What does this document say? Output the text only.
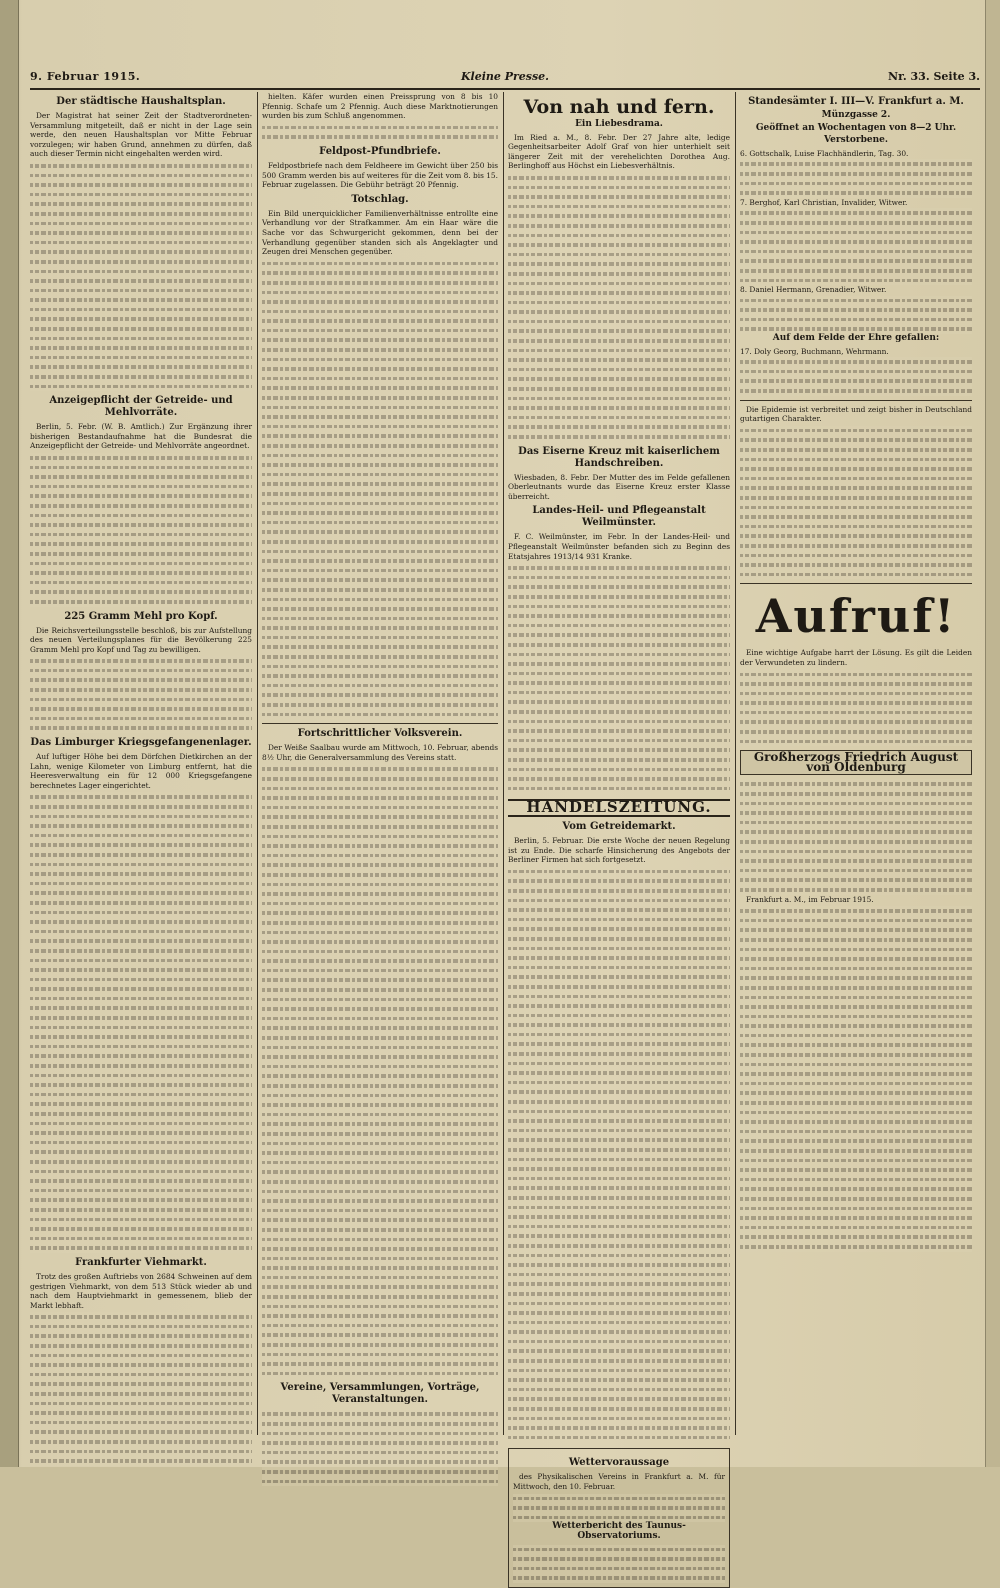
9. Februar 1915.	Kleine Presse.	Nr. 33. Seite 3.
Der städtische Haushaltsplan.

Der Magistrat hat seiner Zeit der Stadtverordneten-Versammlung mitgeteilt, daß er nicht in der Lage sein werde, den neuen Haushaltsplan vor Mitte Februar vorzulegen; wir haben Grund, annehmen zu dürfen, daß auch dieser Termin nicht eingehalten werden wird.

Anzeigepflicht der Getreide- und Mehlvorräte.

Berlin, 5. Febr. (W. B. Amtlich.) Zur Ergänzung ihrer bisherigen Bestandaufnahme hat die Bundesrat die Anzeigepflicht der Getreide- und Mehlvorräte angeordnet.

225 Gramm Mehl pro Kopf.

Die Reichsverteilungsstelle beschloß, bis zur Aufstellung des neuen Verteilungsplanes für die Bevölkerung 225 Gramm Mehl pro Kopf und Tag zu bewilligen.

Das Limburger Kriegsgefangenenlager.

Auf luftiger Höhe bei dem Dörfchen Dietkirchen an der Lahn, wenige Kilometer von Limburg entfernt, hat die Heeresverwaltung ein für 12 000 Kriegsgefangene berechnetes Lager eingerichtet.

Frankfurter Viehmarkt.

Trotz des großen Auftriebs von 2684 Schweinen auf dem gestrigen Viehmarkt, von dem 513 Stück wieder ab und nach dem Hauptviehmarkt in gemessenem, blieb der Markt lebhaft.

hielten. Käfer wurden einen Preissprung von 8 bis 10 Pfennig. Schafe um 2 Pfennig. Auch diese Marktnotierungen wurden bis zum Schluß angenommen.

Feldpost-Pfundbriefe.

Feldpostbriefe nach dem Feldheere im Gewicht über 250 bis 500 Gramm werden bis auf weiteres für die Zeit vom 8. bis 15. Februar zugelassen. Die Gebühr beträgt 20 Pfennig.

Totschlag.

Ein Bild unerquicklicher Familienverhältnisse entrollte eine Verhandlung vor der Strafkammer. Am ein Haar wäre die Sache vor das Schwurgericht gekommen, denn bei der Verhandlung gegenüber standen sich als Angeklagter und Zeugen drei Menschen gegenüber.

Fortschrittlicher Volksverein.

Der Weiße Saalbau wurde am Mittwoch, 10. Februar, abends 8½ Uhr, die Generalversammlung des Vereins statt.

Vereine, Versammlungen, Vorträge, Veranstaltungen.
Von nah und fern.
Ein Liebesdrama.

Im Ried a. M., 8. Febr. Der 27 Jahre alte, ledige Gegenheitsarbeiter Adolf Graf von hier unterhielt seit längerer Zeit mit der verehelichten Dorothea Aug. Berlinghoff aus Höchst ein Liebesverhältnis.

Das Eiserne Kreuz mit kaiserlichem Handschreiben.

Wiesbaden, 8. Febr. Der Mutter des im Felde gefallenen Oberleutnants wurde das Eiserne Kreuz erster Klasse überreicht.

Landes-Heil- und Pflegeanstalt Weilmünster.

F. C. Weilmünster, im Febr. In der Landes-Heil- und Pflegeanstalt Weilmünster befanden sich zu Beginn des Etatsjahres 1913/14 931 Kranke.

HANDELSZEITUNG.
Vom Getreidemarkt.

Berlin, 5. Februar. Die erste Woche der neuen Regelung ist zu Ende. Die scharfe Hinsicherung des Angebots der Berliner Firmen hat sich fortgesetzt.

Wettervoraussage

des Physikalischen Vereins in Frankfurt a. M. für Mittwoch, den 10. Februar.

Wetterbericht des Taunus-Observatoriums.
Standesämter I. III—V. Frankfurt a. M.
Münzgasse 2.
Geöffnet an Wochentagen von 8—2 Uhr.
Verstorbene.
6. Gottschalk, Luise Flachhändlerin, Tag. 30.
7. Berghof, Karl Christian, Invalider, Witwer.
8. Daniel Hermann, Grenadier, Witwer.
Auf dem Felde der Ehre gefallen:
17. Doly Georg, Buchmann, Wehrmann.

Die Epidemie ist verbreitet und zeigt bisher in Deutschland gutartigen Charakter.

Aufruf!

Eine wichtige Aufgabe harrt der Lösung. Es gilt die Leiden der Verwundeten zu lindern.

Großherzogs Friedrich August von Oldenburg

Frankfurt a. M., im Februar 1915.
